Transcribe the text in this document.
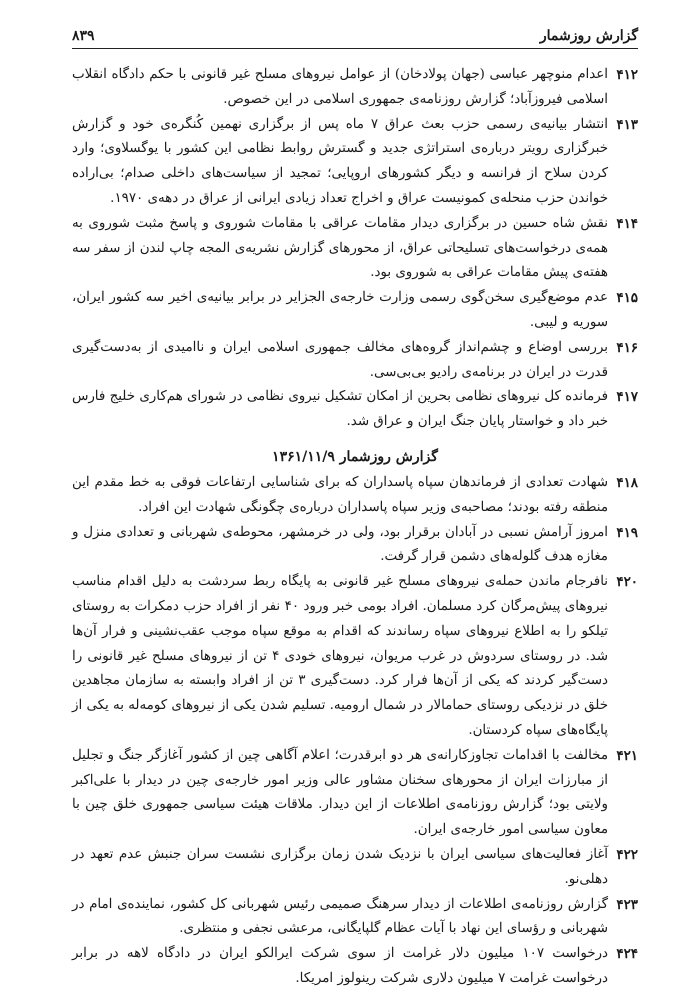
گزارش روزشمار
۸۳۹
۴۱۲
اعدام منوچهر عباسی (جهان پولادخان) از عوامل نیروهای مسلح غیر قانونی با حکم دادگاه انقلاب اسلامی فیروزآباد؛ گزارش روزنامه‌ی جمهوری اسلامی در این خصوص.
۴۱۳
انتشار بیانیه‌ی رسمی حزب بعث عراق ۷ ماه پس از برگزاری نهمین کُنگره‌ی خود و گزارش خبرگزاری رویتر درباره‌ی استراتژی جدید و گسترش روابط نظامی این کشور با یوگسلاوی؛ وارد کردن سلاح از فرانسه و دیگر کشورهای اروپایی؛ تمجید از سیاست‌های داخلی صدام؛ بی‌اراده خواندن حزب منحله‌ی کمونیست عراق و اخراج تعداد زیادی ایرانی از عراق در دهه‌ی ۱۹۷۰.
۴۱۴
نقش شاه حسین در برگزاری دیدار مقامات عراقی با مقامات شوروی و پاسخ مثبت شوروی به همه‌ی درخواست‌های تسلیحاتی عراق، از محورهای گزارش نشریه‌ی المجه چاپ لندن از سفر سه هفته‌ی پیش مقامات عراقی به شوروی بود.
۴۱۵
عدم موضع‌گیری سخن‌گوی رسمی وزارت خارجه‌ی الجزایر در برابر بیانیه‌ی اخیر سه کشور ایران، سوریه و لیبی.
۴۱۶
بررسی اوضاع و چشم‌انداز گروه‌های مخالف جمهوری اسلامی ایران و ناامیدی از به‌دست‌گیری قدرت در ایران در برنامه‌ی رادیو بی‌بی‌سی.
۴۱۷
فرمانده کل نیروهای نظامی بحرین از امکان تشکیل نیروی نظامی در شورای هم‌کاری خلیج فارس خبر داد و خواستار پایان جنگ ایران و عراق شد.
گزارش روزشمار ۱۳۶۱/۱۱/۹
۴۱۸
شهادت تعدادی از فرماندهان سپاه پاسداران که برای شناسایی ارتفاعات فوقی به خط مقدم این منطقه رفته بودند؛ مصاحبه‌ی وزیر سپاه پاسداران درباره‌ی چگونگی شهادت این افراد.
۴۱۹
امروز آرامش نسبی در آبادان برقرار بود، ولی در خرمشهر، محوطه‌ی شهربانی و تعدادی منزل و مغازه هدف گلوله‌های دشمن قرار گرفت.
۴۲۰
نافرجام ماندن حمله‌ی نیروهای مسلح غیر قانونی به پایگاه ربط سردشت به دلیل اقدام مناسب نیروهای پیش‌مرگان کرد مسلمان. افراد بومی خبر ورود ۴۰ نفر از افراد حزب دمکرات به روستای تیلکو را به اطلاع نیروهای سپاه رساندند که اقدام به موقع سپاه موجب عقب‌نشینی و فرار آن‌ها شد. در روستای سردوش در غرب مریوان، نیروهای خودی ۴ تن از نیروهای مسلح غیر قانونی را دست‌گیر کردند که یکی از آن‌ها فرار کرد. دست‌گیری ۳ تن از افراد وابسته به سازمان مجاهدین خلق در نزدیکی روستای حمامالار در شمال ارومیه. تسلیم شدن یکی از نیروهای کومه‌له به یکی از پایگاه‌های سپاه کردستان.
۴۲۱
مخالفت با اقدامات تجاوزکارانه‌ی هر دو ابرقدرت؛ اعلام آگاهی چین از کشور آغازگر جنگ و تجلیل از مبارزات ایران از محورهای سخنان مشاور عالی وزیر امور خارجه‌ی چین در دیدار با علی‌اکبر ولایتی بود؛ گزارش روزنامه‌ی اطلاعات از این دیدار. ملاقات هیئت سیاسی جمهوری خلق چین با معاون سیاسی امور خارجه‌ی ایران.
۴۲۲
آغاز فعالیت‌های سیاسی ایران با نزدیک شدن زمان برگزاری نشست سران جنبش عدم تعهد در دهلی‌نو.
۴۲۳
گزارش روزنامه‌ی اطلاعات از دیدار سرهنگ صمیمی رئیس شهربانی کل کشور، نماینده‌ی امام در شهربانی و رؤسای این نهاد با آیات عظام گلپایگانی، مرعشی نجفی و منتظری.
۴۲۴
درخواست ۱۰۷ میلیون دلار غرامت از سوی شرکت ایرالکو ایران در دادگاه لاهه در برابر درخواست غرامت ۷ میلیون دلاری شرکت رینولوز امریکا.
